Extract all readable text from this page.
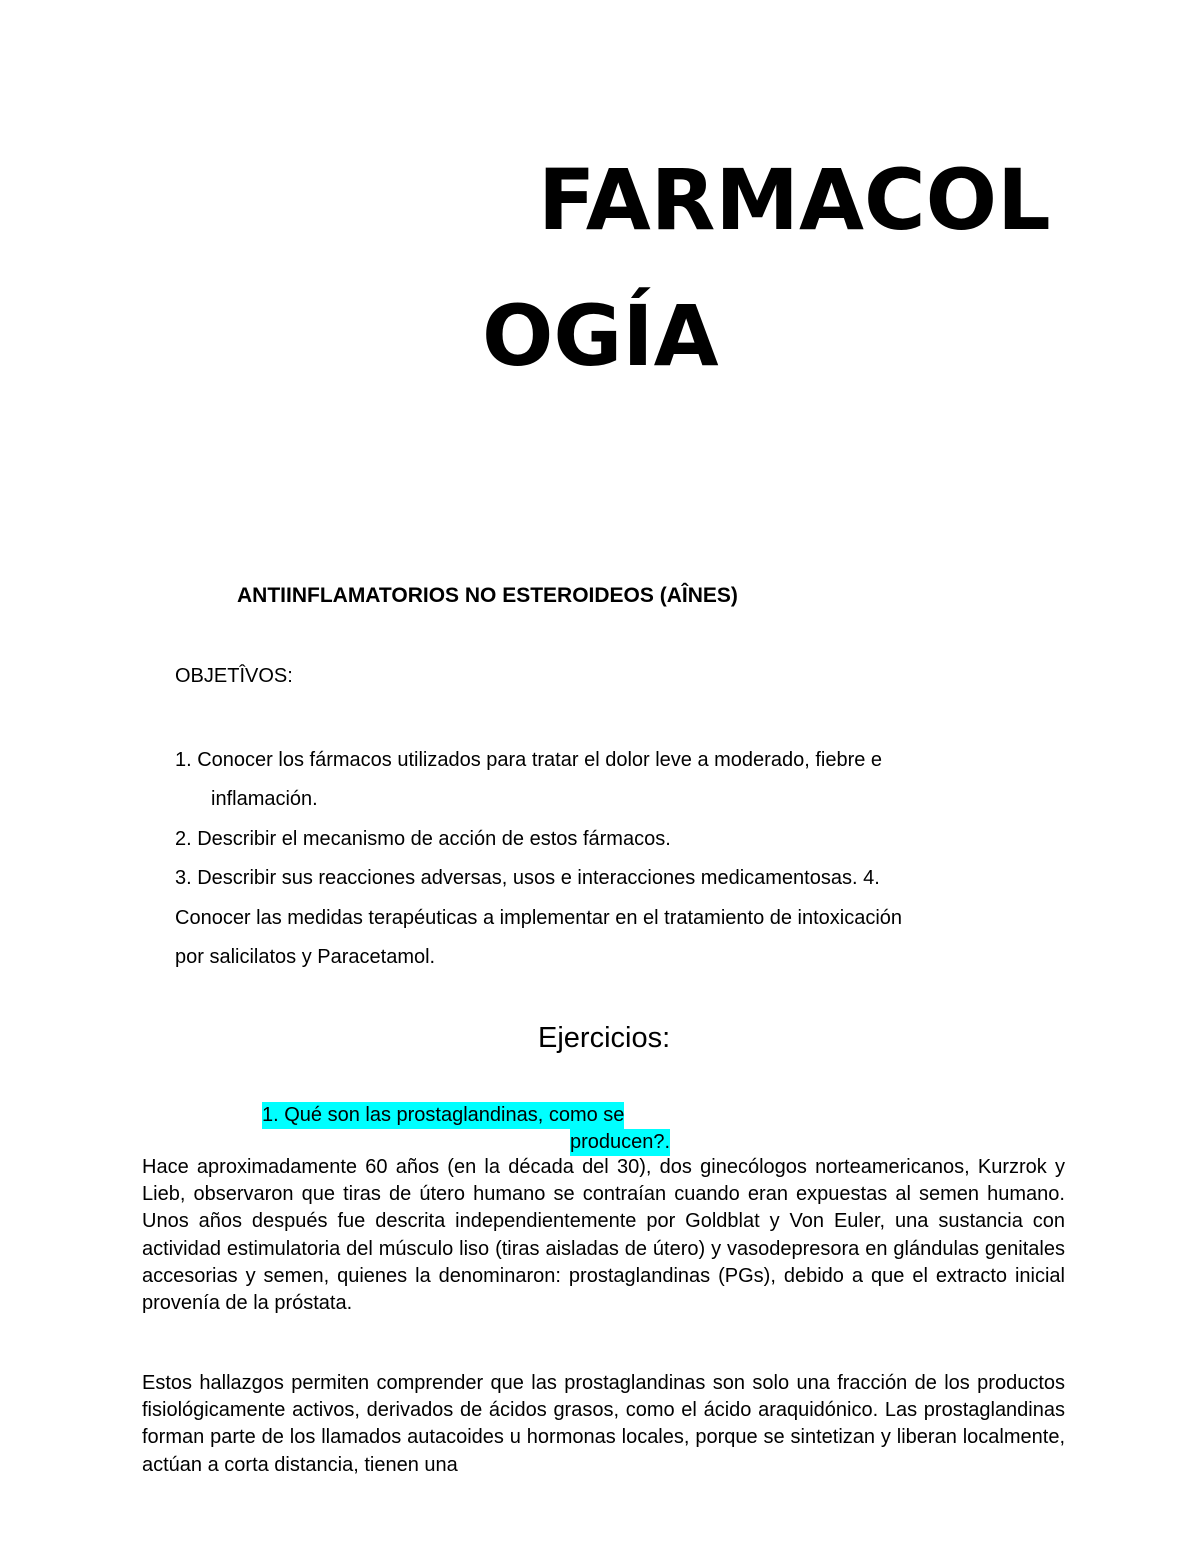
FARMACOL
OGÍA
ANTIINFLAMATORIOS NO ESTEROIDEOS (AÎNES)

OBJETÎVOS:

1. Conocer los fármacos utilizados para tratar el dolor leve a moderado, fiebre e
inflamación.
2. Describir el mecanismo de acción de estos fármacos.
3. Describir sus reacciones adversas, usos e interacciones medicamentosas. 4.
Conocer las medidas terapéuticas a implementar en el tratamiento de intoxicación
por salicilatos y Paracetamol.
Ejercicios:
1. Qué son las prostaglandinas, como se
producen?.

Hace aproximadamente 60 años (en la década del 30), dos ginecólogos norteamericanos, Kurzrok y Lieb, observaron que tiras de útero humano se contraían cuando eran expuestas al semen humano. Unos años después fue descrita independientemente por Goldblat y Von Euler, una sustancia con actividad estimulatoria del músculo liso (tiras aisladas de útero) y vasodepresora en glándulas genitales accesorias y semen, quienes la denominaron: prostaglandinas (PGs), debido a que el extracto inicial provenía de la próstata.

Estos hallazgos permiten comprender que las prostaglandinas son solo una fracción de los productos fisiológicamente activos, derivados de ácidos grasos, como el ácido araquidónico. Las prostaglandinas forman parte de los llamados autacoides u hormonas locales, porque se sintetizan y liberan localmente, actúan a corta distancia, tienen una
